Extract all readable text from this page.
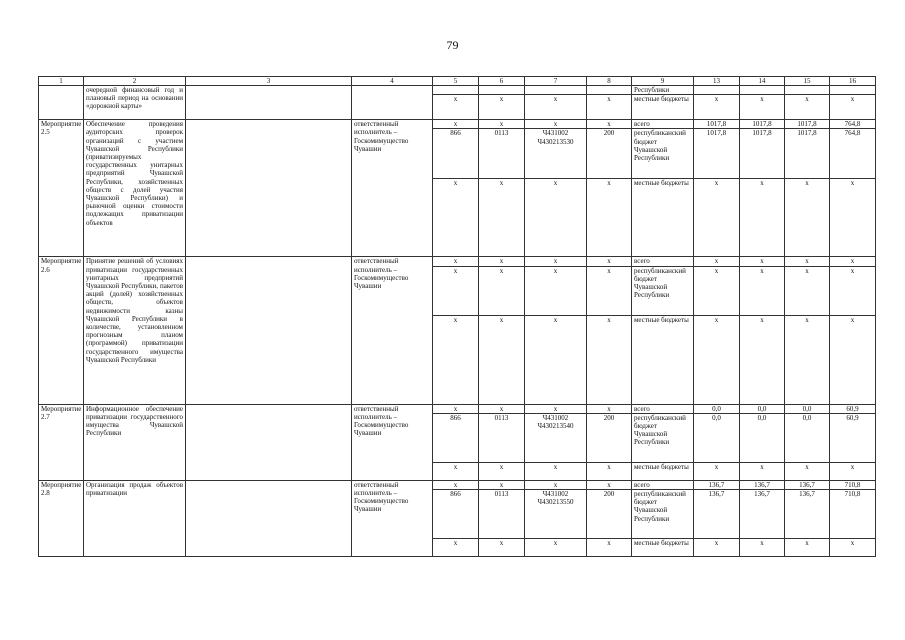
79
1	2	3	4	5	6	7	8	9	13	14	15	16
	очередной финансовый год и плановый период на основании «дорожной карты»							Республики				
				х	х	х	х	местные бюджеты	х	х	х	х
Мероприятие 2.5	Обеспечение проведения аудиторских проверок организаций с участием Чувашской Республики (приватизируемых государственных унитарных предприятий Чувашской Республики, хозяйственных обществ с долей участия Чувашской Республики) и рыночной оценки стоимости подлежащих приватизации объектов		ответственный исполнитель – Госкомимущество Чувашии	х	х	х	х	всего	1017,8	1017,8	1017,8	764,8
				866	0113	Ч431002 Ч430213530	200	республиканский бюджет Чувашской Республики	1017,8	1017,8	1017,8	764,8
				х	х	х	х	местные бюджеты	х	х	х	х
Мероприятие 2.6	Принятие решений об условиях приватизации государственных унитарных предприятий Чувашской Республики, пакетов акций (долей) хозяйственных обществ, объектов недвижимости казны Чувашской Республики в количестве, установленном прогнозным планом (программой) приватизации государственного имущества Чувашской Республики		ответственный исполнитель – Госкомимущество Чувашии	х	х	х	х	всего	х	х	х	х
				х	х	х	х	республиканский бюджет Чувашской Республики	х	х	х	х
				х	х	х	х	местные бюджеты	х	х	х	х
Мероприятие 2.7	Информационное обеспечение приватизации государственного имущества Чувашской Республики		ответственный исполнитель – Госкомимущество Чувашии	х	х	х	х	всего	0,0	0,0	0,0	60,9
				866	0113	Ч431002 Ч430213540	200	республиканский бюджет Чувашской Республики	0,0	0,0	0,0	60,9
				х	х	х	х	местные бюджеты	х	х	х	х
Мероприятие 2.8	Организация продаж объектов приватизации		ответственный исполнитель – Госкомимущество Чувашии	х	х	х	х	всего	136,7	136,7	136,7	710,8
				866	0113	Ч431002 Ч430213550	200	республиканский бюджет Чувашской Республики	136,7	136,7	136,7	710,8
				х	х	х	х	местные бюджеты	х	х	х	х
